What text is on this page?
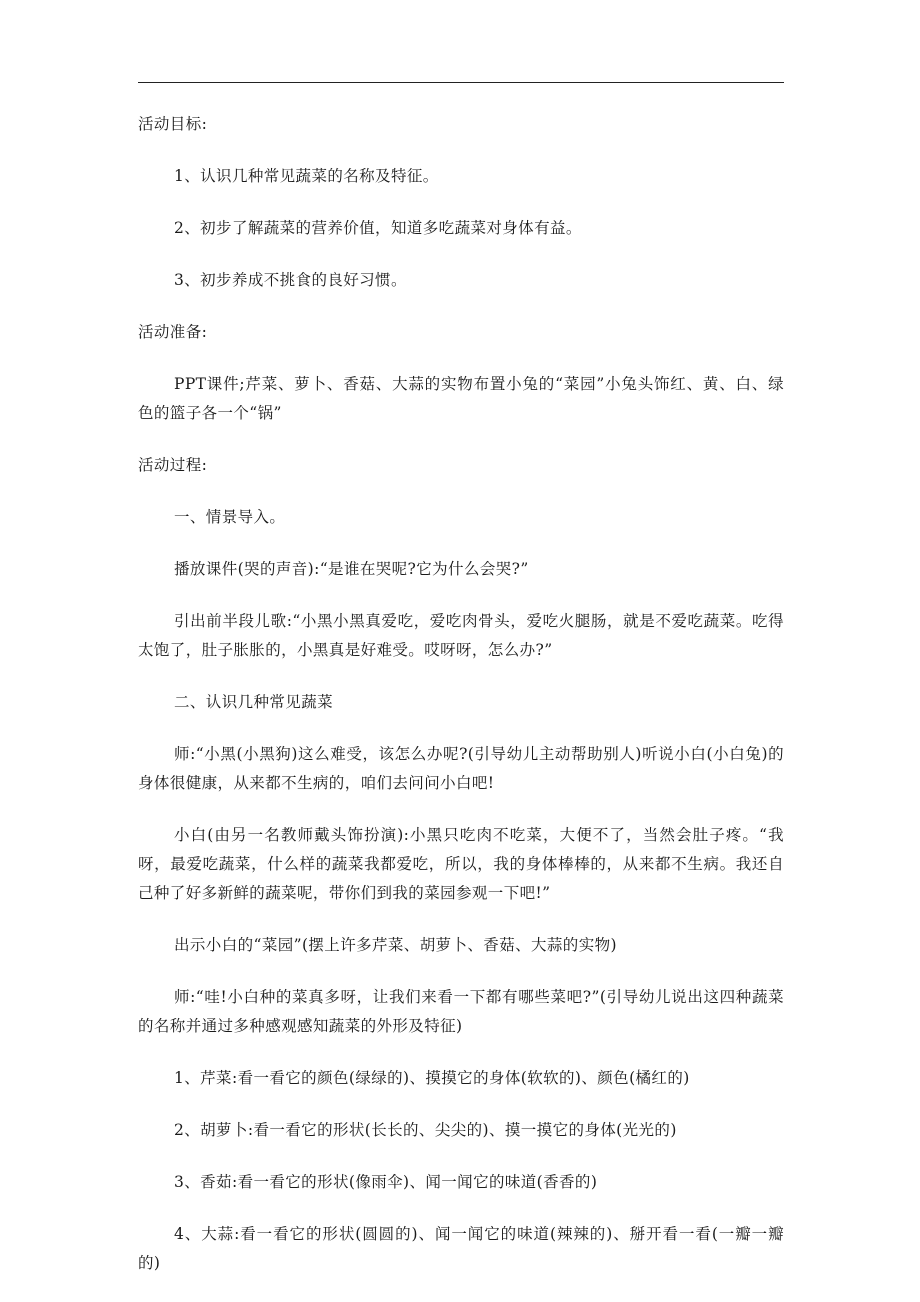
活动目标:

1、认识几种常见蔬菜的名称及特征。

2、初步了解蔬菜的营养价值，知道多吃蔬菜对身体有益。

3、初步养成不挑食的良好习惯。

活动准备:

PPT课件;芹菜、萝卜、香菇、大蒜的实物布置小兔的“菜园”小兔头饰红、黄、白、绿色的篮子各一个“锅”

活动过程:

一、情景导入。

播放课件(哭的声音):“是谁在哭呢?它为什么会哭?”

引出前半段儿歌:“小黑小黑真爱吃，爱吃肉骨头，爱吃火腿肠，就是不爱吃蔬菜。吃得太饱了，肚子胀胀的，小黑真是好难受。哎呀呀，怎么办?”

二、认识几种常见蔬菜

师:“小黑(小黑狗)这么难受，该怎么办呢?(引导幼儿主动帮助别人)听说小白(小白兔)的身体很健康，从来都不生病的，咱们去问问小白吧!

小白(由另一名教师戴头饰扮演):小黑只吃肉不吃菜，大便不了，当然会肚子疼。“我呀，最爱吃蔬菜，什么样的蔬菜我都爱吃，所以，我的身体棒棒的，从来都不生病。我还自己种了好多新鲜的蔬菜呢，带你们到我的菜园参观一下吧!”

出示小白的“菜园”(摆上许多芹菜、胡萝卜、香菇、大蒜的实物)

师:“哇!小白种的菜真多呀，让我们来看一下都有哪些菜吧?”(引导幼儿说出这四种蔬菜的名称并通过多种感观感知蔬菜的外形及特征)

1、芹菜:看一看它的颜色(绿绿的)、摸摸它的身体(软软的)、颜色(橘红的)

2、胡萝卜:看一看它的形状(长长的、尖尖的)、摸一摸它的身体(光光的)

3、香茹:看一看它的形状(像雨伞)、闻一闻它的味道(香香的)

4、大蒜:看一看它的形状(圆圆的)、闻一闻它的味道(辣辣的)、掰开看一看(一瓣一瓣的)
